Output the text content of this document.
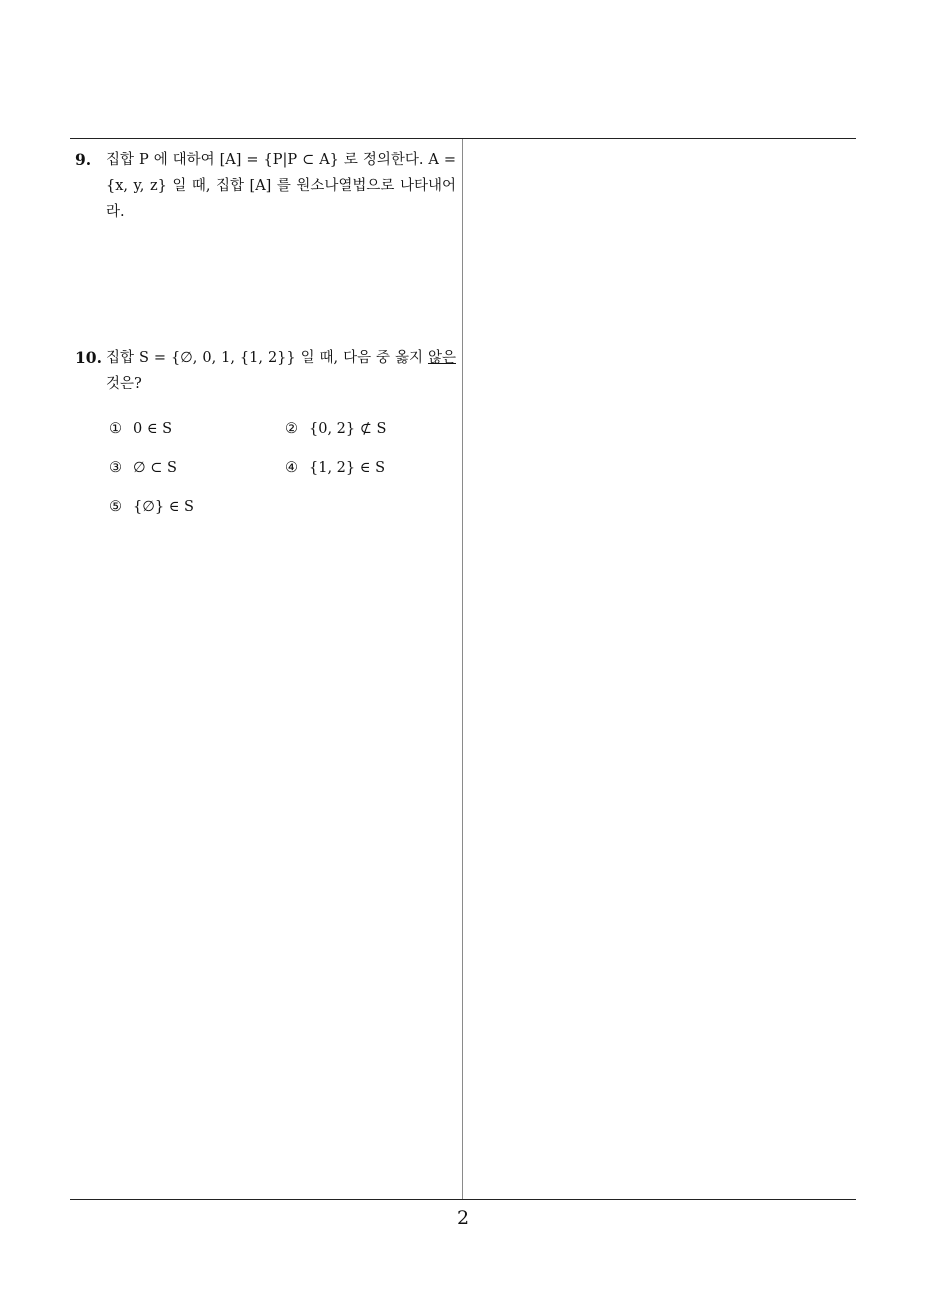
9.	집합 P 에 대하여 [A] = {P|P ⊂ A} 로 정의한다. A = {x, y, z} 일 때, 집합 [A] 를 원소나열법으로 나타내어라.
10. 집합 S = {∅, 0, 1, {1, 2}} 일 때, 다음 중 옳지 않은 것은?
① 0 ∈ S	② {0, 2} ⊄ S
③ ∅ ⊂ S	④ {1, 2} ∈ S
⑤ {∅} ∈ S
2
